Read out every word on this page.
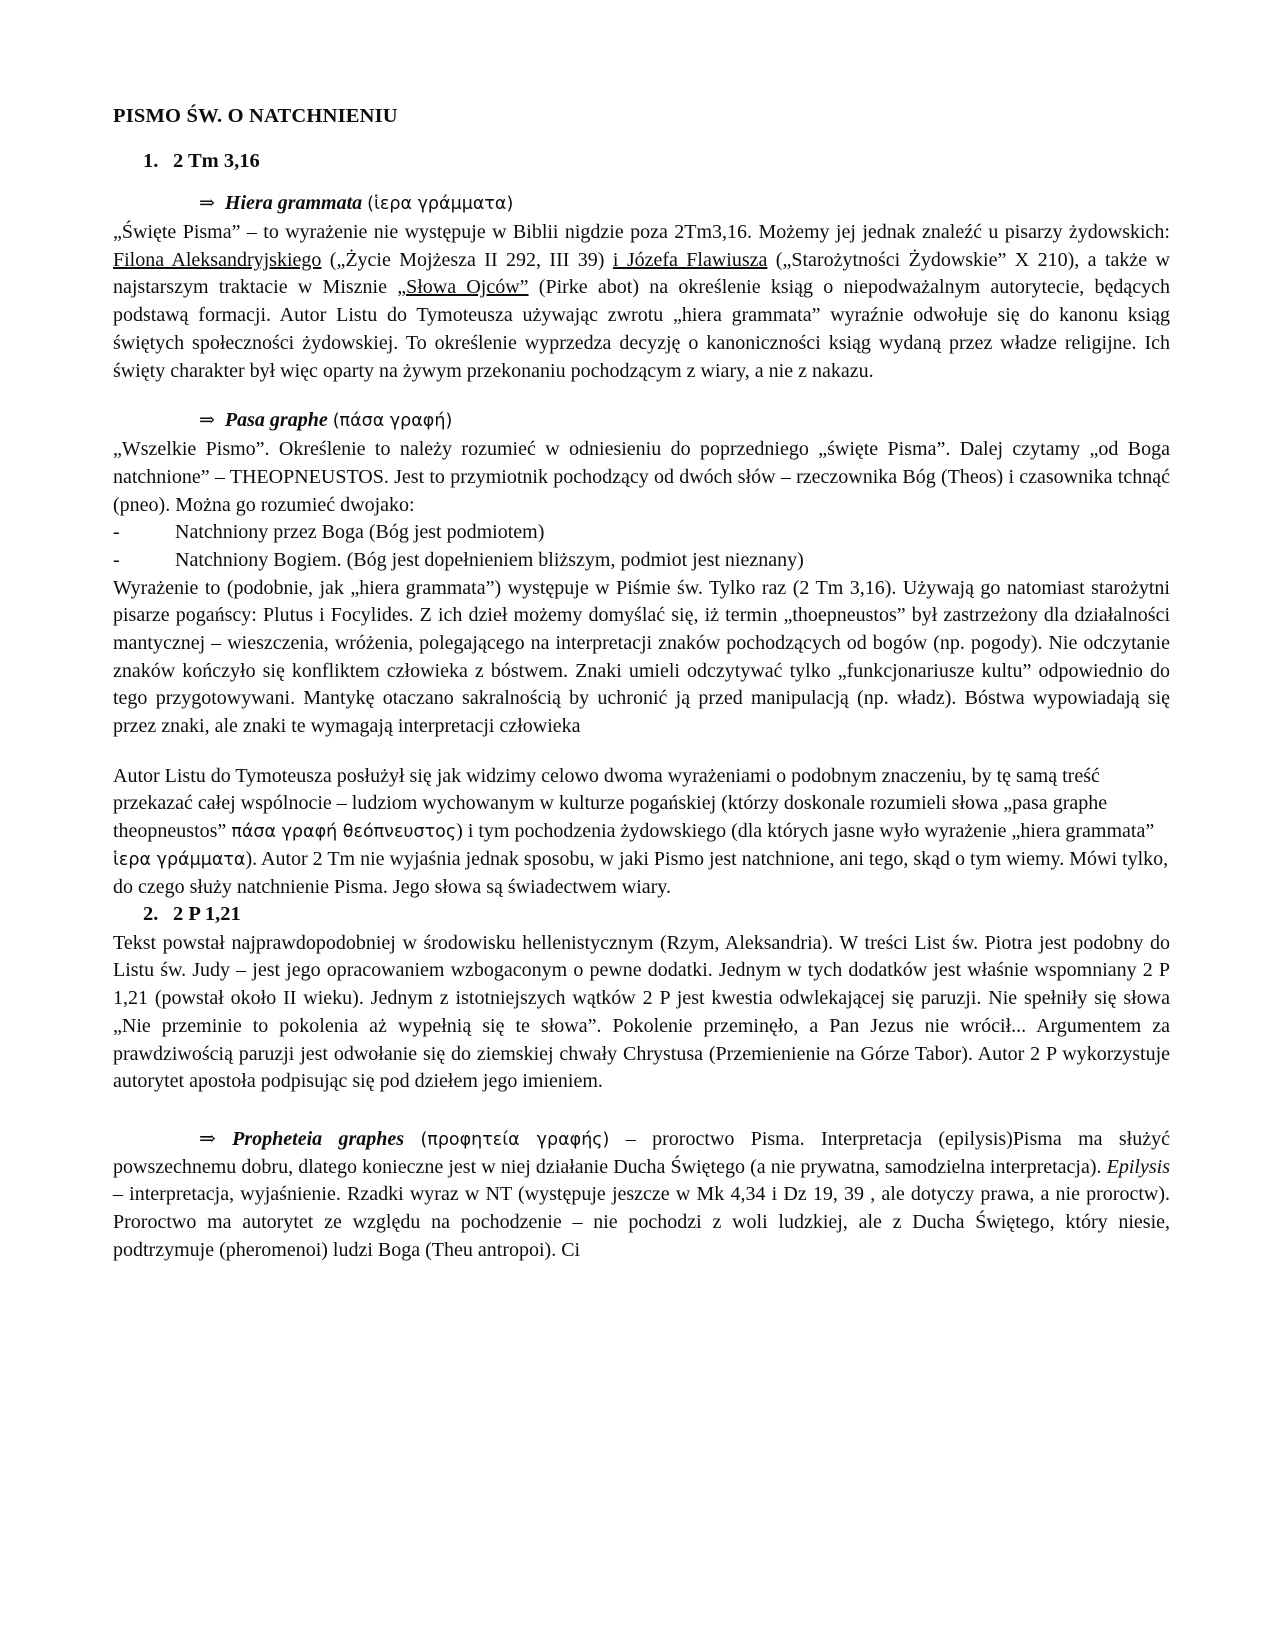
PISMO ŚW. O NATCHNIENIU
1. 2 Tm 3,16
⇒ Hiera grammata (ἱερα γράμματα)

„Święte Pisma” – to wyrażenie nie występuje w Biblii nigdzie poza 2Tm3,16. Możemy jej jednak znaleźć u pisarzy żydowskich: Filona Aleksandryjskiego („Życie Mojżesza II 292, III 39) i Józefa Flawiusza („Starożytności Żydowskie” X 210), a także w najstarszym traktacie w Misznie „Słowa Ojców” (Pirke abot) na określenie ksiąg o niepodważalnym autorytecie, będących podstawą formacji. Autor Listu do Tymoteusza używając zwrotu „hiera grammata” wyraźnie odwołuje się do kanonu ksiąg świętych społeczności żydowskiej. To określenie wyprzedza decyzję o kanoniczności ksiąg wydaną przez władze religijne. Ich święty charakter był więc oparty na żywym przekonaniu pochodzącym z wiary, a nie z nakazu.

⇒ Pasa graphe (πάσα γραφή)

„Wszelkie Pismo”. Określenie to należy rozumieć w odniesieniu do poprzedniego „święte Pisma”. Dalej czytamy „od Boga natchnione” – THEOPNEUSTOS. Jest to przymiotnik pochodzący od dwóch słów – rzeczownika Bóg (Theos) i czasownika tchnąć (pneo). Można go rozumieć dwojako:

-	Natchniony przez Boga (Bóg jest podmiotem)
-	Natchniony Bogiem. (Bóg jest dopełnieniem bliższym, podmiot jest nieznany)

Wyrażenie to (podobnie, jak „hiera grammata”) występuje w Piśmie św. Tylko raz (2 Tm 3,16). Używają go natomiast starożytni pisarze pogańscy: Plutus i Focylides. Z ich dzieł możemy domyślać się, iż termin „thoepneustos” był zastrzeżony dla działalności mantycznej – wieszczenia, wróżenia, polegającego na interpretacji znaków pochodzących od bogów (np. pogody). Nie odczytanie znaków kończyło się konfliktem człowieka z bóstwem. Znaki umieli odczytywać tylko „funkcjonariusze kultu” odpowiednio do tego przygotowywani. Mantykę otaczano sakralnością by uchronić ją przed manipulacją (np. władz). Bóstwa wypowiadają się przez znaki, ale znaki te wymagają interpretacji człowieka

Autor Listu do Tymoteusza posłużył się jak widzimy celowo dwoma wyrażeniami o podobnym znaczeniu, by tę samą treść przekazać całej wspólnocie – ludziom wychowanym w kulturze pogańskiej (którzy doskonale rozumieli słowa „pasa graphe theopneustos” πάσα γραφή θεόπνευστος) i tym pochodzenia żydowskiego (dla których jasne wyło wyrażenie „hiera grammata” ἱερα γράμματα). Autor 2 Tm nie wyjaśnia jednak sposobu, w jaki Pismo jest natchnione, ani tego, skąd o tym wiemy. Mówi tylko, do czego służy natchnienie Pisma. Jego słowa są świadectwem wiary.

2. 2 P 1,21

Tekst powstał najprawdopodobniej w środowisku hellenistycznym (Rzym, Aleksandria). W treści List św. Piotra jest podobny do Listu św. Judy – jest jego opracowaniem wzbogaconym o pewne dodatki. Jednym w tych dodatków jest właśnie wspomniany 2 P 1,21 (powstał około II wieku). Jednym z istotniejszych wątków 2 P jest kwestia odwlekającej się paruzji. Nie spełniły się słowa „Nie przeminie to pokolenia aż wypełnią się te słowa”. Pokolenie przeminęło, a Pan Jezus nie wrócił... Argumentem za prawdziwością paruzji jest odwołanie się do ziemskiej chwały Chrystusa (Przemienienie na Górze Tabor). Autor 2 P wykorzystuje autorytet apostoła podpisując się pod dziełem jego imieniem.

⇒ Propheteia graphes (προφητεία γραφής) – proroctwo Pisma. Interpretacja (epilysis)Pisma ma służyć powszechnemu dobru, dlatego konieczne jest w niej działanie Ducha Świętego (a nie prywatna, samodzielna interpretacja). Epilysis – interpretacja, wyjaśnienie. Rzadki wyraz w NT (występuje jeszcze w Mk 4,34 i Dz 19, 39 , ale dotyczy prawa, a nie proroctw). Proroctwo ma autorytet ze względu na pochodzenie – nie pochodzi z woli ludzkiej, ale z Ducha Świętego, który niesie, podtrzymuje (pheromenoi) ludzi Boga (Theu antropoi). Ci
